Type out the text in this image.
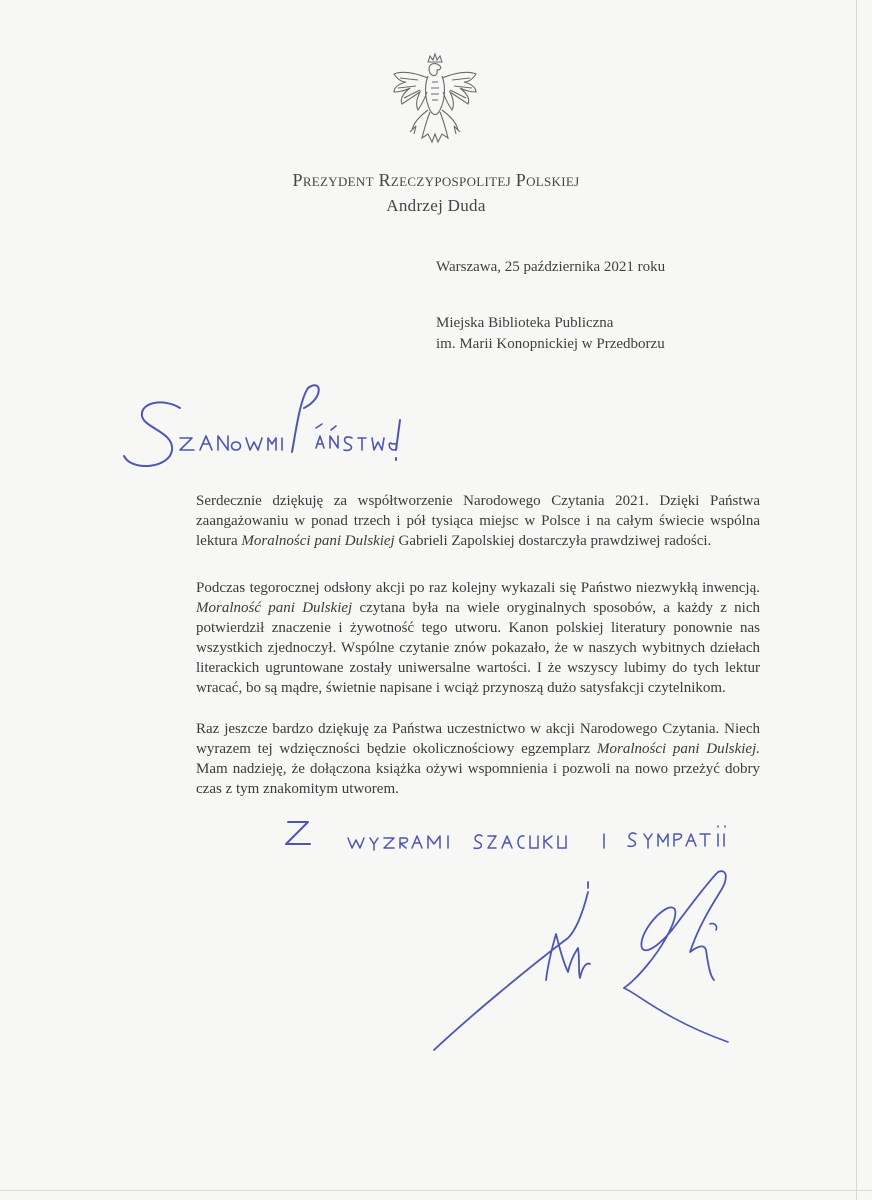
Prezydent Rzeczypospolitej Polskiej
Andrzej Duda
Warszawa, 25 października 2021 roku
Miejska Biblioteka Publiczna
im. Marii Konopnickiej w Przedborzu

Serdecznie dziękuję za współtworzenie Narodowego Czytania 2021. Dzięki Państwa zaangażowaniu w ponad trzech i pół tysiąca miejsc w Polsce i na całym świecie wspólna lektura Moralności pani Dulskiej Gabrieli Zapolskiej dostarczyła prawdziwej radości.

Podczas tegorocznej odsłony akcji po raz kolejny wykazali się Państwo niezwykłą inwencją. Moralność pani Dulskiej czytana była na wiele oryginalnych sposobów, a każdy z nich potwierdził znaczenie i żywotność tego utworu. Kanon polskiej literatury ponownie nas wszystkich zjednoczył. Wspólne czytanie znów pokazało, że w naszych wybitnych dziełach literackich ugruntowane zostały uniwersalne wartości. I że wszyscy lubimy do tych lektur wracać, bo są mądre, świetnie napisane i wciąż przynoszą dużo satysfakcji czytelnikom.

Raz jeszcze bardzo dziękuję za Państwa uczestnictwo w akcji Narodowego Czytania. Niech wyrazem tej wdzięczności będzie okolicznościowy egzemplarz Moralności pani Dulskiej. Mam nadzieję, że dołączona książka ożywi wspomnienia i pozwoli na nowo przeżyć dobry czas z tym znakomitym utworem.
